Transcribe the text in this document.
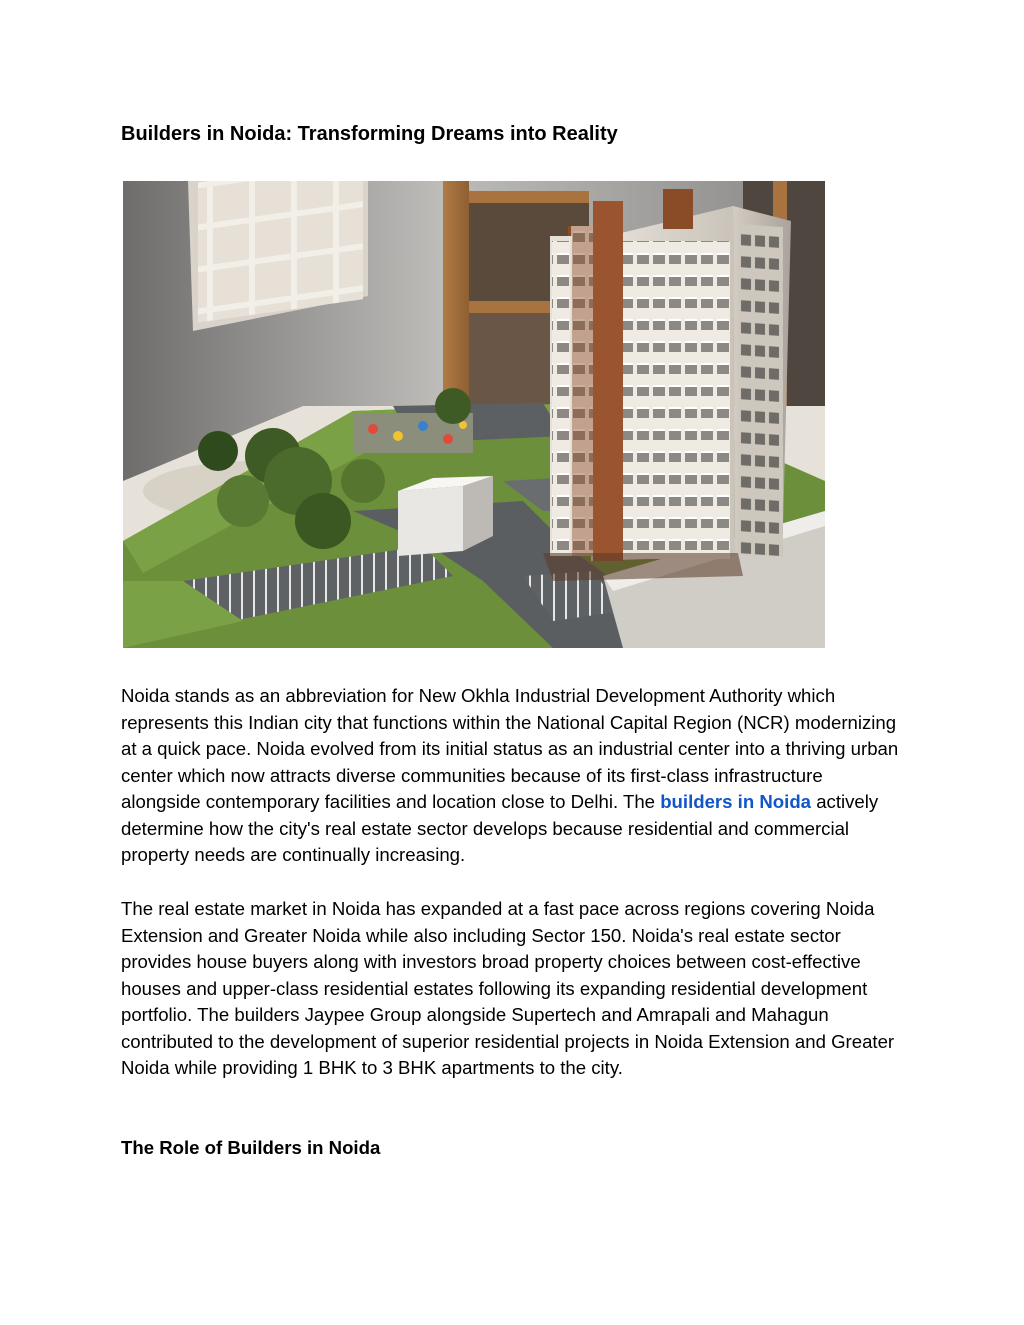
Builders in Noida: Transforming Dreams into Reality

Noida stands as an abbreviation for New Okhla Industrial Development Authority which represents this Indian city that functions within the National Capital Region (NCR) modernizing at a quick pace. Noida evolved from its initial status as an industrial center into a thriving urban center which now attracts diverse communities because of its first-class infrastructure alongside contemporary facilities and location close to Delhi. The builders in Noida actively determine how the city's real estate sector develops because residential and commercial property needs are continually increasing.

The real estate market in Noida has expanded at a fast pace across regions covering Noida Extension and Greater Noida while also including Sector 150. Noida's real estate sector provides house buyers along with investors broad property choices between cost-effective houses and upper-class residential estates following its expanding residential development portfolio. The builders Jaypee Group alongside Supertech and Amrapali and Mahagun contributed to the development of superior residential projects in Noida Extension and Greater Noida while providing 1 BHK to 3 BHK apartments to the city.

The Role of Builders in Noida
